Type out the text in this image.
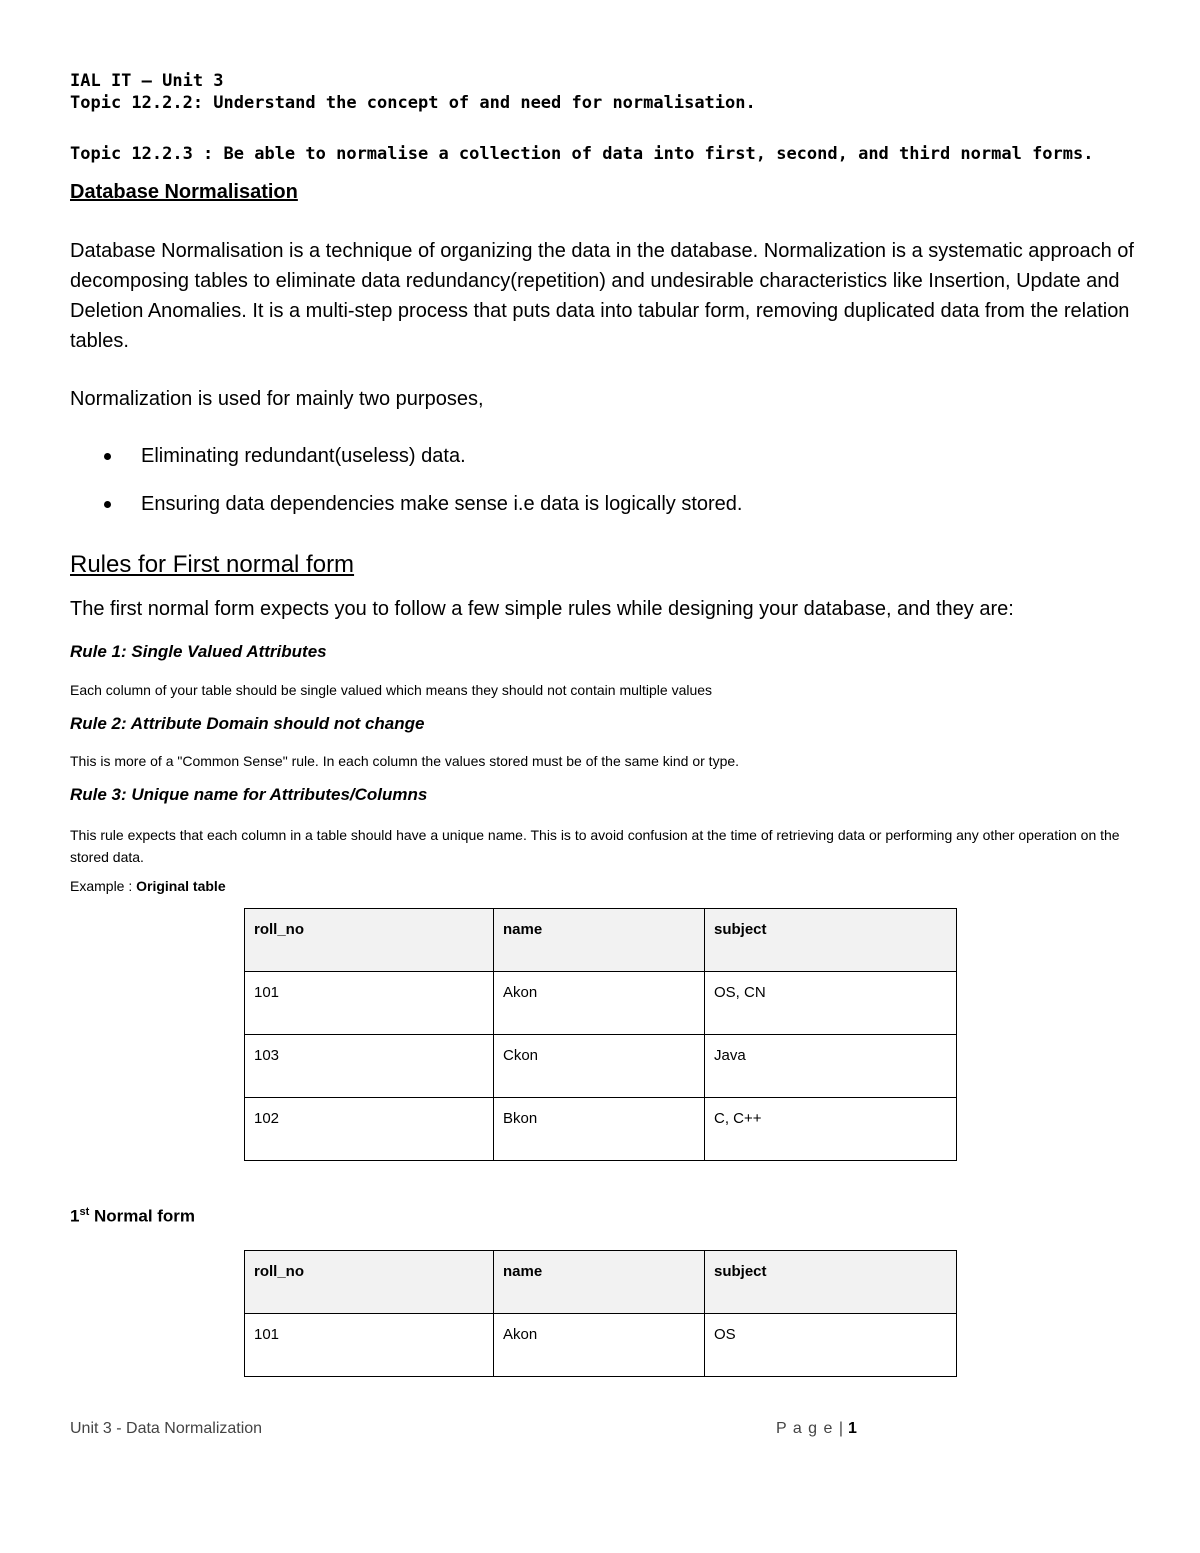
IAL IT – Unit 3
Topic 12.2.2: Understand the concept of and need for normalisation.
Topic 12.2.3 : Be able to normalise a collection of data into first, second, and third normal forms.
Database Normalisation
Database Normalisation is a technique of organizing the data in the database. Normalization is a systematic approach of decomposing tables to eliminate data redundancy(repetition) and undesirable characteristics like Insertion, Update and Deletion Anomalies. It is a multi-step process that puts data into tabular form, removing duplicated data from the relation tables.
Normalization is used for mainly two purposes,
Eliminating redundant(useless) data.
Ensuring data dependencies make sense i.e data is logically stored.
Rules for First normal form
The first normal form expects you to follow a few simple rules while designing your database, and they are:
Rule 1: Single Valued Attributes
Each column of your table should be single valued which means they should not contain multiple values
Rule 2: Attribute Domain should not change
This is more of a "Common Sense" rule. In each column the values stored must be of the same kind or type.
Rule 3: Unique name for Attributes/Columns
This rule expects that each column in a table should have a unique name. This is to avoid confusion at the time of retrieving data or performing any other operation on the stored data.
Example : Original table
roll_no	name	subject
101	Akon	OS, CN
103	Ckon	Java
102	Bkon	C, C++
1st Normal form
roll_no	name	subject
101	Akon	OS
Unit 3 - Data Normalization	P a g e | 1
